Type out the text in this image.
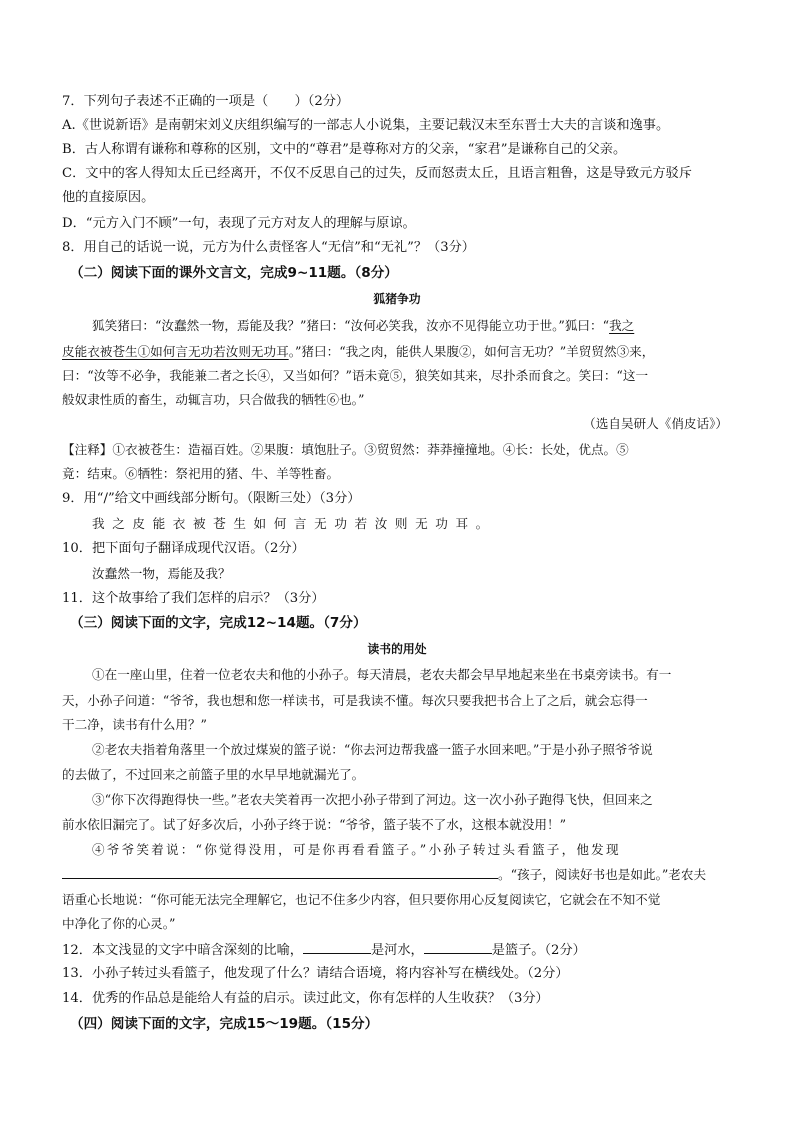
7．下列句子表述不正确的一项是（　　）（2分）
A.《世说新语》是南朝宋刘义庆组织编写的一部志人小说集，主要记载汉末至东晋士大夫的言谈和逸事。
B．古人称谓有谦称和尊称的区别，文中的“尊君”是尊称对方的父亲，“家君”是谦称自己的父亲。
C．文中的客人得知太丘已经离开，不仅不反思自己的过失，反而怒责太丘，且语言粗鲁，这是导致元方驳斥
他的直接原因。
D．“元方入门不顾”一句，表现了元方对友人的理解与原谅。
8．用自己的话说一说，元方为什么责怪客人“无信”和“无礼”？（3分）
（二）阅读下面的课外文言文，完成9~11题。（8分）
狐猪争功
狐笑猪曰：“汝蠢然一物，焉能及我？”猪曰：“汝何必笑我，汝亦不见得能立功于世。”狐曰：“我之
皮能衣被苍生①如何言无功若汝则无功耳。”猪曰：“我之肉，能供人果腹②，如何言无功？”羊贸贸然③来，
曰：“汝等不必争，我能兼二者之长④，又当如何？”语未竟⑤，狼笑如其来，尽扑杀而食之。笑曰：“这一
般奴隶性质的畜生，动辄言功，只合做我的牺牲⑥也。”
（选自吴研人《俏皮话》）
【注释】①衣被苍生：造福百姓。②果腹：填饱肚子。③贸贸然：莽莽撞撞地。④长：长处，优点。⑤
竟：结束。⑥牺牲：祭祀用的猪、牛、羊等牲畜。
9．用“/”给文中画线部分断句。（限断三处）（3分）
我之皮能衣被苍生如何言无功若汝则无功耳。
10．把下面句子翻译成现代汉语。（2分）
汝蠢然一物，焉能及我？
11．这个故事给了我们怎样的启示？（3分）
（三）阅读下面的文字，完成12~14题。（7分）
读书的用处
①在一座山里，住着一位老农夫和他的小孙子。每天清晨，老农夫都会早早地起来坐在书桌旁读书。有一
天，小孙子问道：“爷爷，我也想和您一样读书，可是我读不懂。每次只要我把书合上了之后，就会忘得一
干二净，读书有什么用？”
②老农夫指着角落里一个放过煤炭的篮子说：“你去河边帮我盛一篮子水回来吧。”于是小孙子照爷爷说
的去做了，不过回来之前篮子里的水早早地就漏光了。
③“你下次得跑得快一些。”老农夫笑着再一次把小孙子带到了河边。这一次小孙子跑得飞快，但回来之
前水依旧漏完了。试了好多次后，小孙子终于说：“爷爷，篮子装不了水，这根本就没用！”
④爷爷笑着说：“你觉得没用，可是你再看看篮子。”小孙子转过头看篮子，他发现
。“孩子，阅读好书也是如此。”老农夫
语重心长地说：“你可能无法完全理解它，也记不住多少内容，但只要你用心反复阅读它，它就会在不知不觉
中净化了你的心灵。”
12．本文浅显的文字中暗含深刻的比喻，	是河水，	是篮子。（2分）
13．小孙子转过头看篮子，他发现了什么？请结合语境，将内容补写在横线处。（2分）
14．优秀的作品总是能给人有益的启示。读过此文，你有怎样的人生收获？（3分）
（四）阅读下面的文字，完成15～19题。（15分）
